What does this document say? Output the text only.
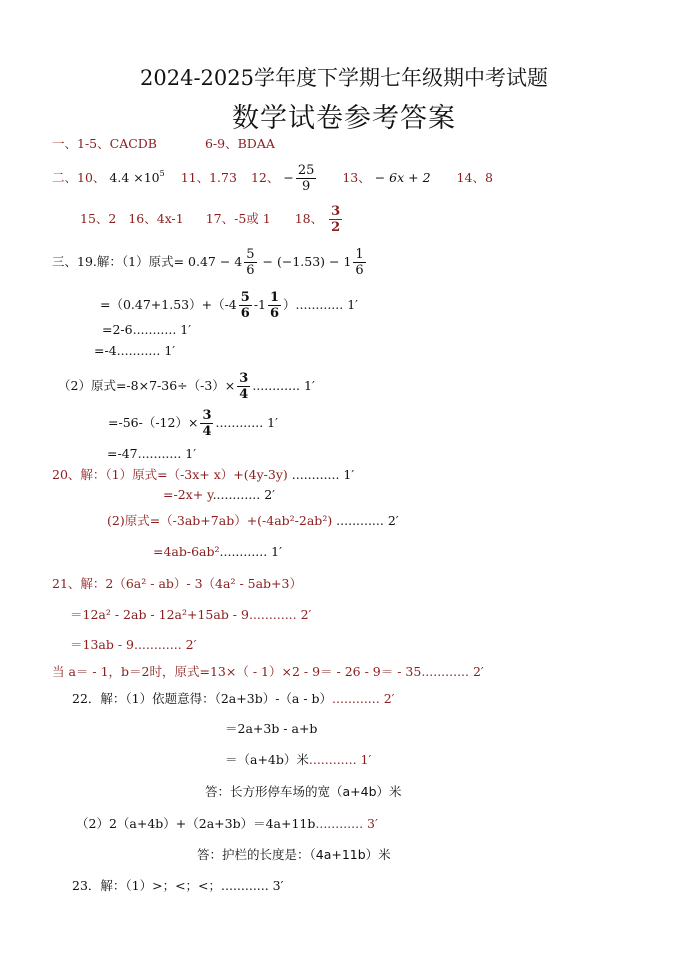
2024-2025学年度下学期七年级期中考试题
数学试卷参考答案
一、1-5、CACDB	6-9、BDAA
二、10、 $4.4 \times 10^5$ 11、1.73 12、 − $\frac{25}{9} 13$、 − 6x + 2 14、8
15、2 16、4x-1 17、-5或 1 18、 $\frac{3}{2}$
三、19.解：（1）原式= $0.47 - 4 \frac{5}{6} - (-1.53) - 1 \frac{1}{6}$
$=(0.47+1.53)+(-4 \frac{5}{6} -1 \frac{1}{6}$ ）............ 1′
=2-6........... 1′
=-4........... 1′
（2）原式$=-8\times 7-36\div(-3)\times \frac{3}{4}$ ............ 1′
$=-56-(-12)\times \frac{3}{4}$ ............ 1′
=-47........... 1′
20、解：（1）原式=（-3x+ x）+(4y-3y) ............ 1′
=-2x+ y............ 2′
(2)原式=（-3ab+7ab）+(-4ab²-2ab²) ............ 2′
=4ab-6ab²............ 1′
21、解：2（6a² - ab）- 3（4a² - 5ab+3）
＝12a² - 2ab - 12a²+15ab - 9............ 2′
＝13ab - 9............ 2′
当 a＝ - 1，b＝2时，原式=13×（ - 1）×2 - 9＝ - 26 - 9＝ - 35............ 2′
22．解：（1）依题意得：（2a+3b）-（a - b）............ 2′
＝2a+3b - a+b
＝（a+4b）米............ 1′
答：长方形停车场的宽（a+4b）米
（2）2（a+4b）+（2a+3b）＝4a+11b............ 3′
答：护栏的长度是：（4a+11b）米
23．解：（1）>；<；<；............ 3′
